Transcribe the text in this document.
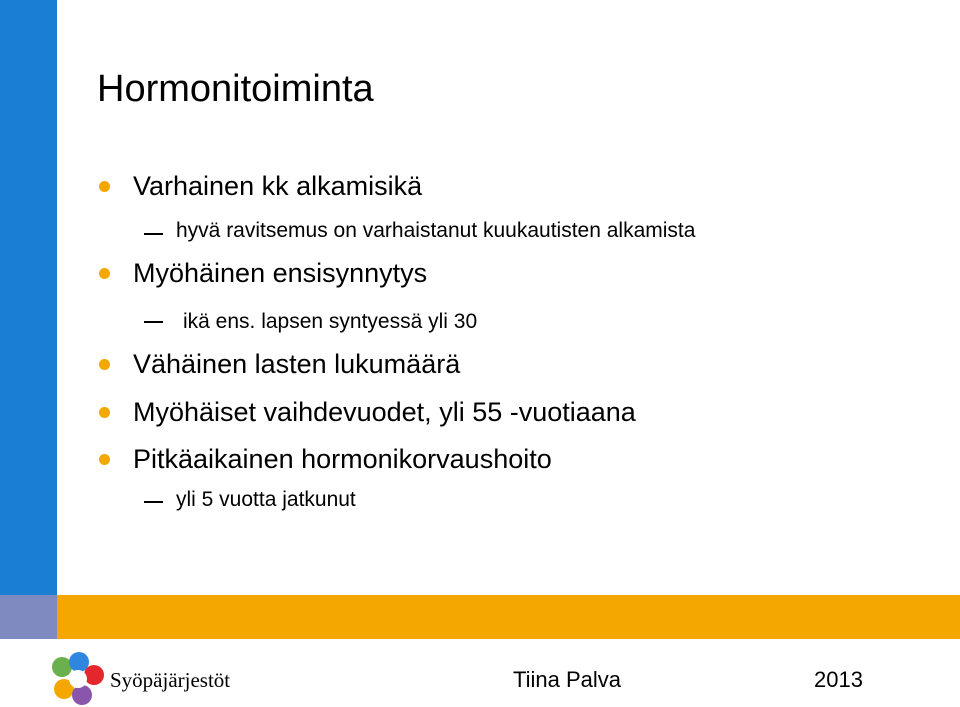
Hormonitoiminta
Varhainen kk alkamisikä
hyvä ravitsemus on varhaistanut kuukautisten alkamista
Myöhäinen ensisynnytys
ikä ens. lapsen syntyessä yli 30
Vähäinen lasten lukumäärä
Myöhäiset vaihdevuodet, yli 55 -vuotiaana
Pitkäaikainen hormonikorvaushoito
yli 5 vuotta jatkunut
Syöpäjärjestöt	Tiina Palva	2013
